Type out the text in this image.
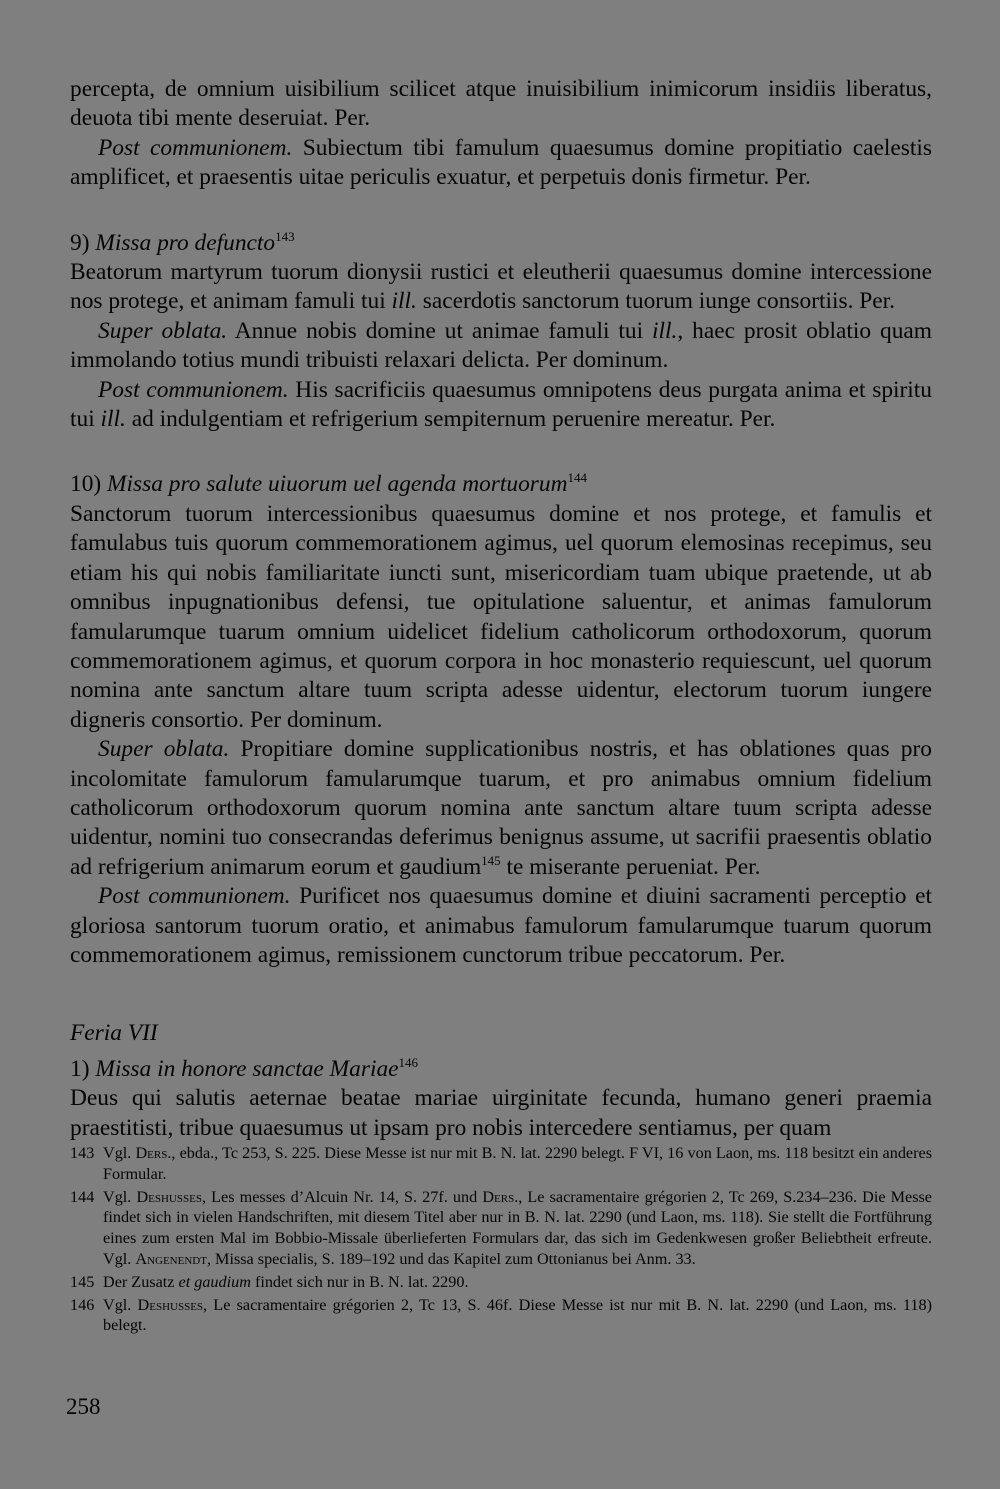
percepta, de omnium uisibilium scilicet atque inuisibilium inimicorum insidiis liberatus, deuota tibi mente deseruiat. Per.

Post communionem. Subiectum tibi famulum quaesumus domine propitiatio caelestis amplificet, et praesentis uitae periculis exuatur, et perpetuis donis firmetur. Per.

9) Missa pro defuncto$^{143}$

Beatorum martyrum tuorum dionysii rustici et eleutherii quaesumus domine intercessione nos protege, et animam famuli tui ill. sacerdotis sanctorum tuorum iunge consortiis. Per.

Super oblata. Annue nobis domine ut animae famuli tui ill., haec prosit oblatio quam immolando totius mundi tribuisti relaxari delicta. Per dominum.

Post communionem. His sacrificiis quaesumus omnipotens deus purgata anima et spiritu tui ill. ad indulgentiam et refrigerium sempiternum peruenire mereatur. Per.

10) Missa pro salute uiuorum uel agenda mortuorum$^{144}$

Sanctorum tuorum intercessionibus quaesumus domine et nos protege, et famulis et famulabus tuis quorum commemorationem agimus, uel quorum elemosinas recepimus, seu etiam his qui nobis familiaritate iuncti sunt, misericordiam tuam ubique praetende, ut ab omnibus inpugnationibus defensi, tue opitulatione saluentur, et animas famulorum famularumque tuarum omnium uidelicet fidelium catholicorum orthodoxorum, quorum commemorationem agimus, et quorum corpora in hoc monasterio requiescunt, uel quorum nomina ante sanctum altare tuum scripta adesse uidentur, electorum tuorum iungere digneris consortio. Per dominum.

Super oblata. Propitiare domine supplicationibus nostris, et has oblationes quas pro incolomitate famulorum famularumque tuarum, et pro animabus omnium fidelium catholicorum orthodoxorum quorum nomina ante sanctum altare tuum scripta adesse uidentur, nomini tuo consecrandas deferimus benignus assume, ut sacrifii praesentis oblatio ad refrigerium animarum eorum et gaudium$^{145}$ te miserante perueniat. Per.

Post communionem. Purificet nos quaesumus domine et diuini sacramenti perceptio et gloriosa santorum tuorum oratio, et animabus famulorum famularumque tuarum quorum commemorationem agimus, remissionem cunctorum tribue peccatorum. Per.

Feria VII

1) Missa in honore sanctae Mariae$^{146}$

Deus qui salutis aeternae beatae mariae uirginitate fecunda, humano generi praemia praestitisti, tribue quaesumus ut ipsam pro nobis intercedere sentiamus, per quam

143 Vgl. Ders., ebda., Tc 253, S. 225. Diese Messe ist nur mit B. N. lat. 2290 belegt. F VI, 16 von Laon, ms. 118 besitzt ein anderes Formular.
144 Vgl. Deshusses, Les messes d’Alcuin Nr. 14, S. 27f. und Ders., Le sacramentaire grégorien 2, Tc 269, S.234–236. Die Messe findet sich in vielen Handschriften, mit diesem Titel aber nur in B. N. lat. 2290 (und Laon, ms. 118). Sie stellt die Fortführung eines zum ersten Mal im Bobbio-Missale überlieferten Formulars dar, das sich im Gedenkwesen großer Beliebtheit erfreute. Vgl. Angenendt, Missa specialis, S. 189–192 und das Kapitel zum Ottonianus bei Anm. 33.
145 Der Zusatz et gaudium findet sich nur in B. N. lat. 2290.
146 Vgl. Deshusses, Le sacramentaire grégorien 2, Tc 13, S. 46f. Diese Messe ist nur mit B. N. lat. 2290 (und Laon, ms. 118) belegt.
258
